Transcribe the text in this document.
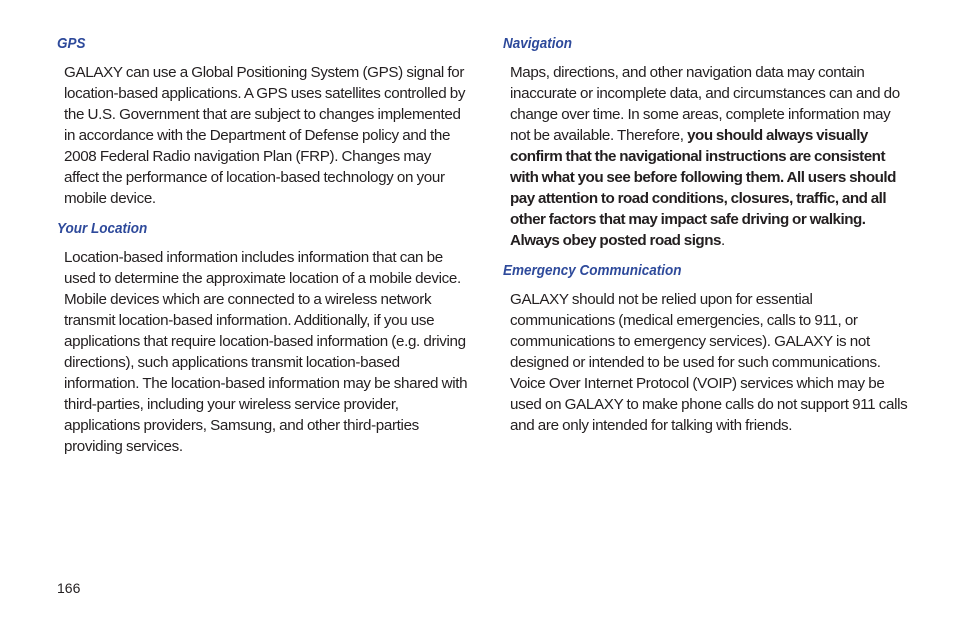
GPS

GALAXY can use a Global Positioning System (GPS) signal for location-based applications. A GPS uses satellites controlled by the U.S. Government that are subject to changes implemented in accordance with the Department of Defense policy and the 2008 Federal Radio navigation Plan (FRP). Changes may affect the performance of location-based technology on your mobile device.

Your Location

Location-based information includes information that can be used to determine the approximate location of a mobile device. Mobile devices which are connected to a wireless network transmit location-based information. Additionally, if you use applications that require location-based information (e.g. driving directions), such applications transmit location-based information. The location-based information may be shared with third-parties, including your wireless service provider, applications providers, Samsung, and other third-parties providing services.

Navigation

Maps, directions, and other navigation data may contain inaccurate or incomplete data, and circumstances can and do change over time. In some areas, complete information may not be available. Therefore, you should always visually confirm that the navigational instructions are consistent with what you see before following them. All users should pay attention to road conditions, closures, traffic, and all other factors that may impact safe driving or walking. Always obey posted road signs.

Emergency Communication

GALAXY should not be relied upon for essential communications (medical emergencies, calls to 911, or communications to emergency services). GALAXY is not designed or intended to be used for such communications. Voice Over Internet Protocol (VOIP) services which may be used on GALAXY to make phone calls do not support 911 calls and are only intended for talking with friends.

166
